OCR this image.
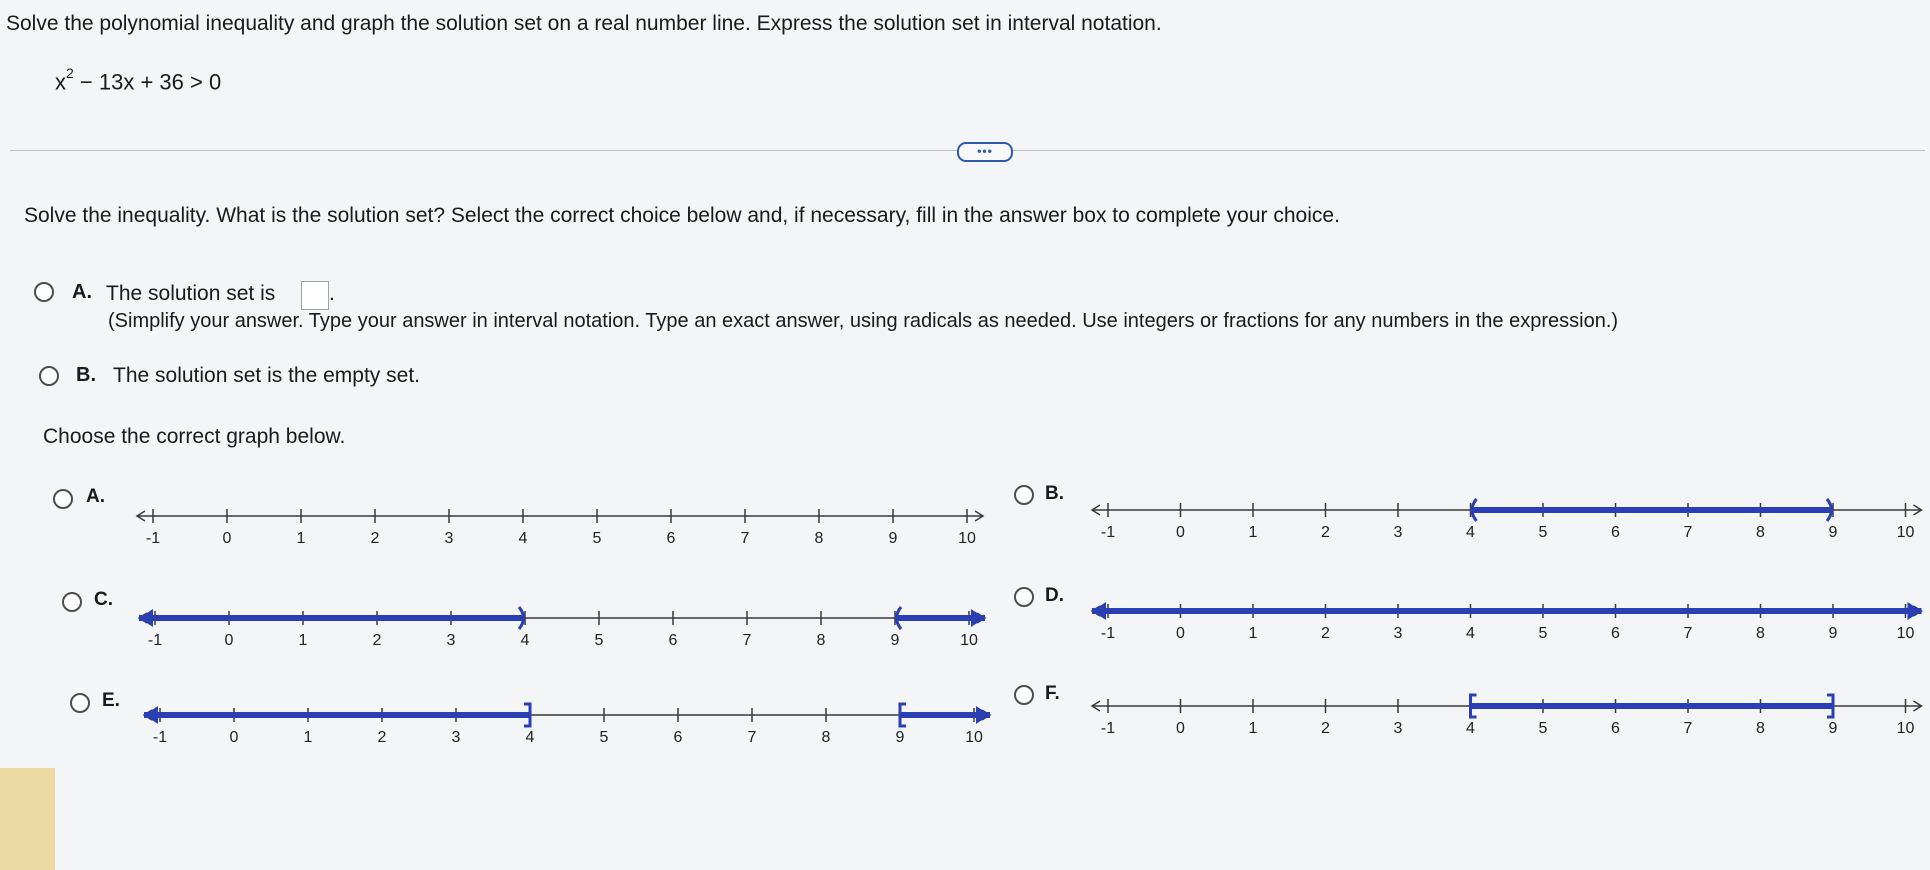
Solve the polynomial inequality and graph the solution set on a real number line. Express the solution set in interval notation.
$x^2 - 13x + 36 > 0$
•••
Solve the inequality. What is the solution set? Select the correct choice below and, if necessary, fill in the answer box to complete your choice.
A. The solution set is	.
(Simplify your answer. Type your answer in interval notation. Type an exact answer, using radicals as needed. Use integers or fractions for any numbers in the expression.)
B. The solution set is the empty set.
Choose the correct graph below.
A.
-1	0	1	2	3	4	5	6	7	8	9	10
B.
-1	0	1	2	3	4	5	6	7	8	9	10
C.
-1	0	1	2	3	4	5	6	7	8	9	10
D.
-1	0	1	2	3	4	5	6	7	8	9	10
E.
-1	0	1	2	3	4	5	6	7	8	9	10
F.
-1	0	1	2	3	4	5	6	7	8	9	10
